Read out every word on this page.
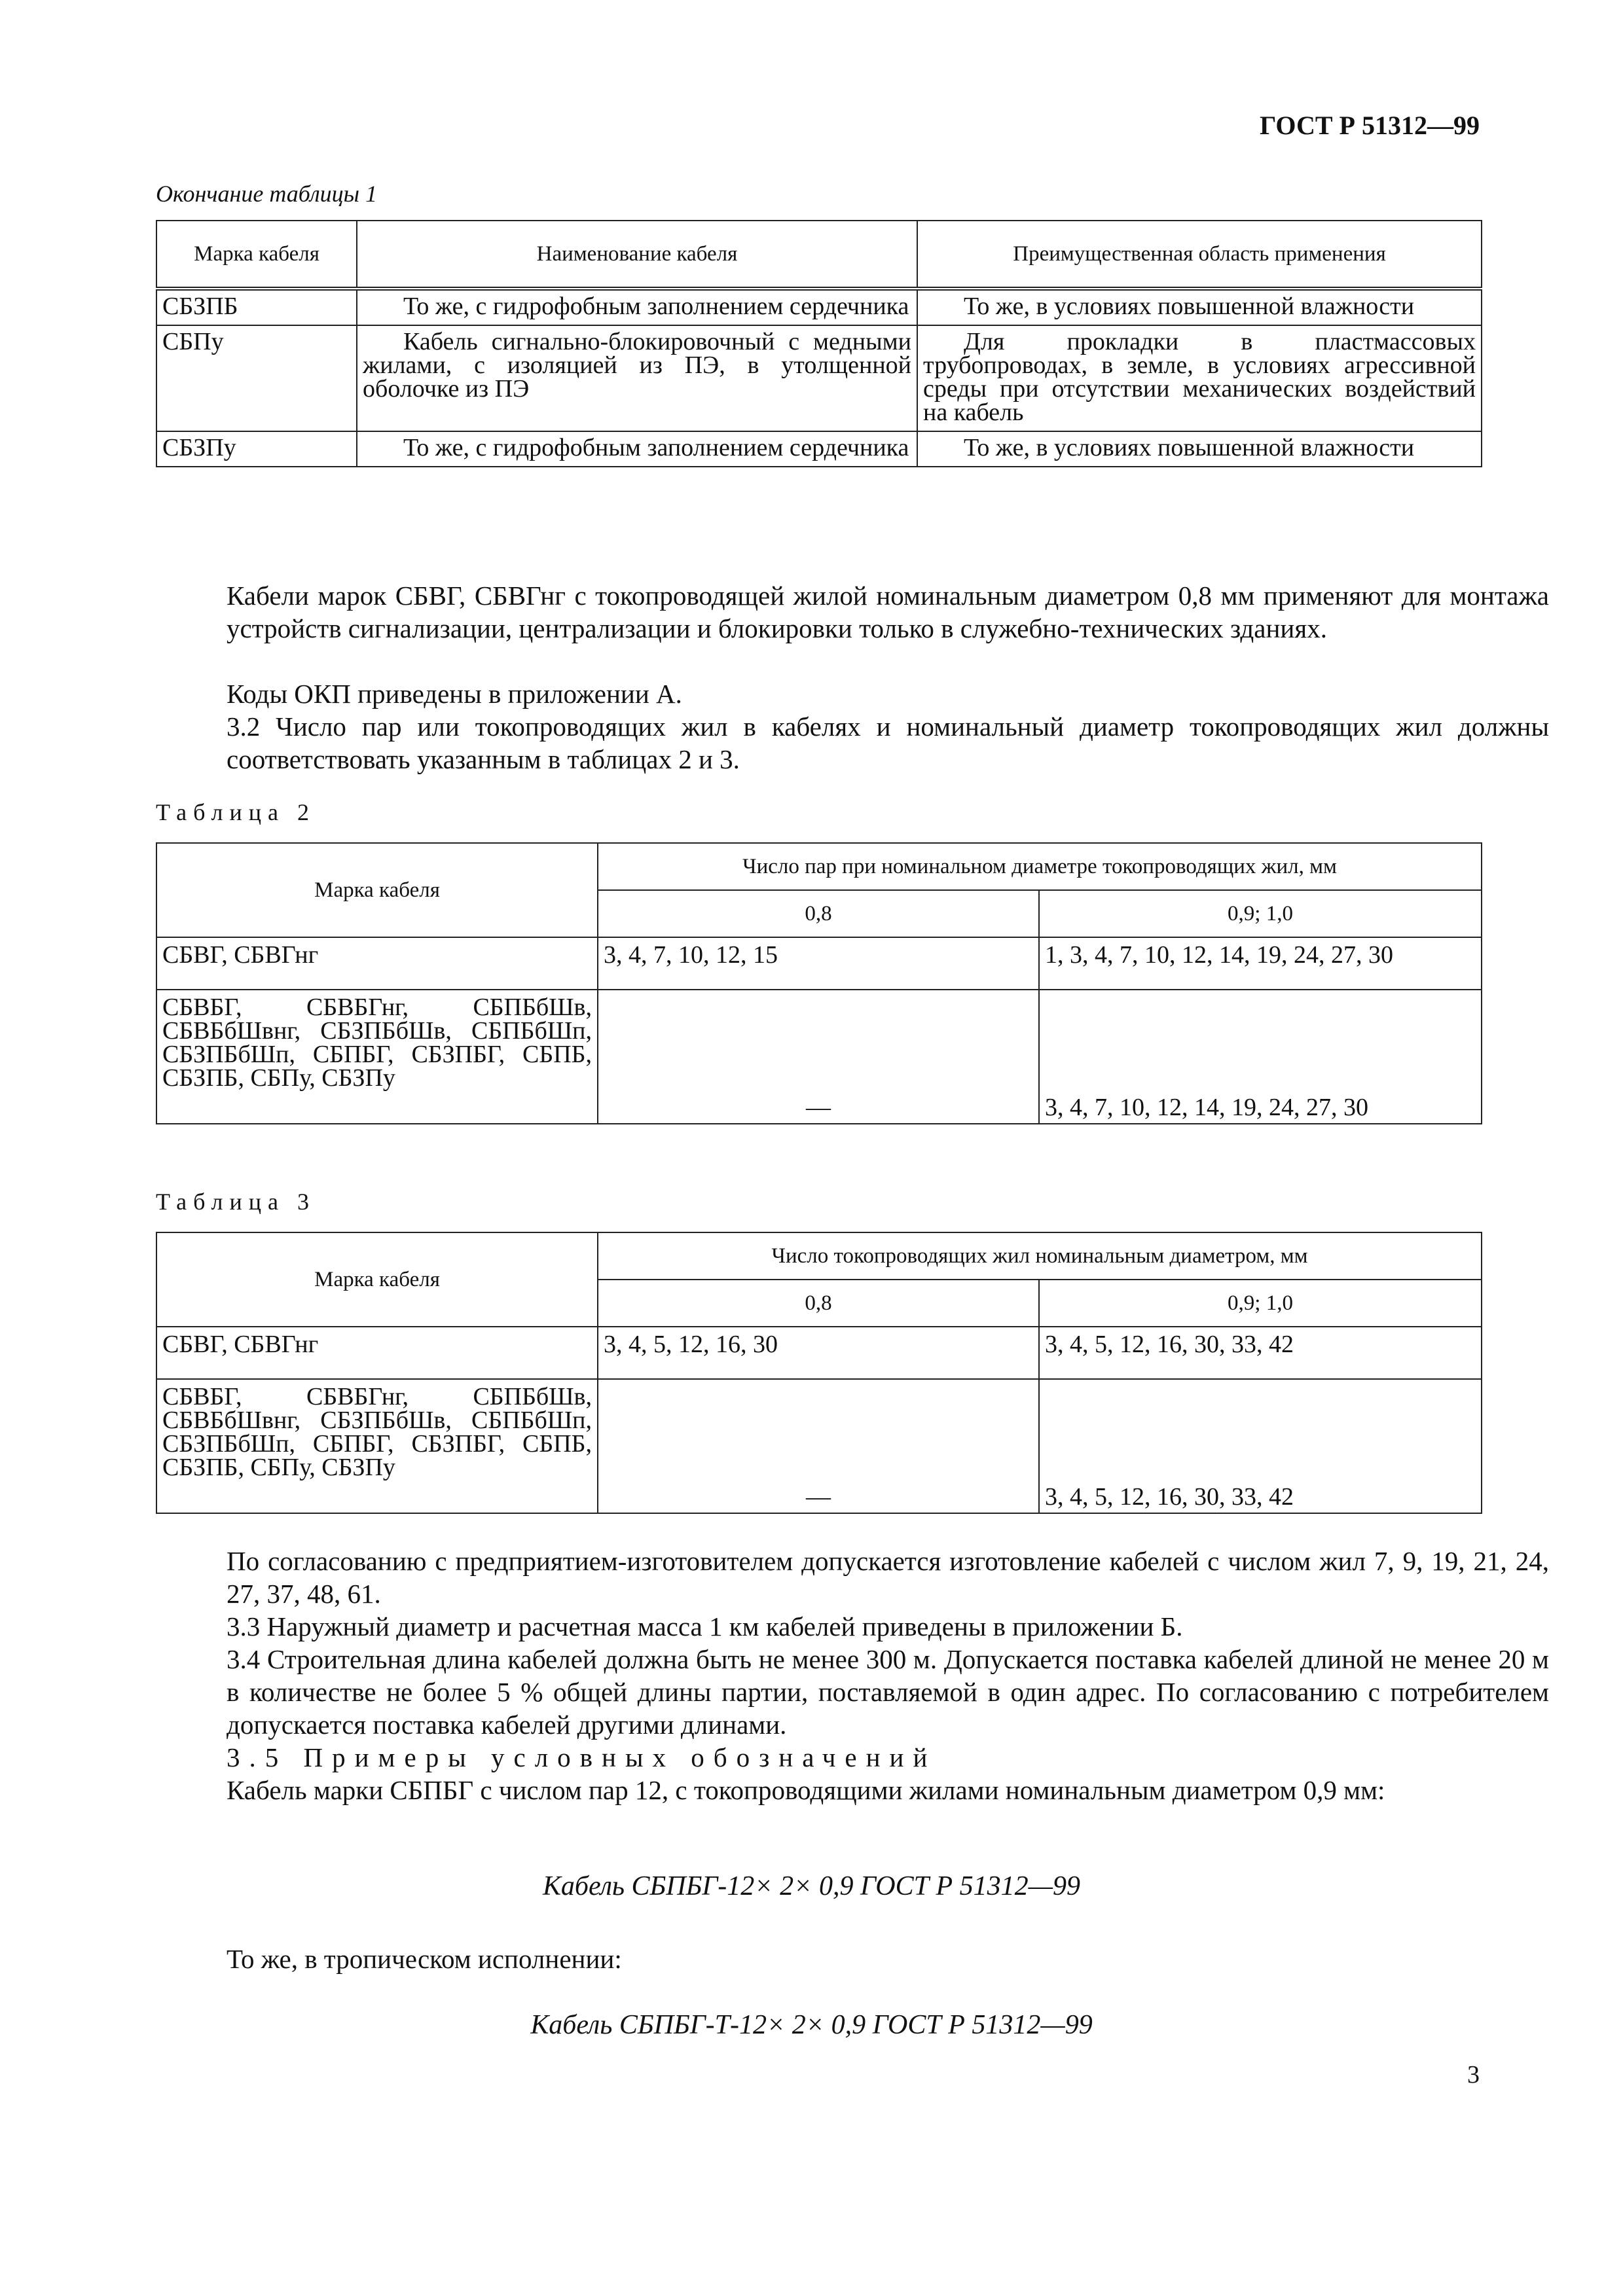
ГОСТ Р 51312—99
Окончание таблицы 1
Марка кабеля	Наименование кабеля	Преимущественная область применения
СБЗПБ	То же, с гидрофобным заполнением сердечника	То же, в условиях повышенной влажности
СБПу	Кабель сигнально-блокировочный с медными жилами, с изоляцией из ПЭ, в утолщенной оболочке из ПЭ	Для прокладки в пластмассовых трубопроводах, в земле, в условиях агрессивной среды при отсутствии механических воздействий на кабель
СБЗПу	То же, с гидрофобным заполнением сердечника	То же, в условиях повышенной влажности
Кабели марок СБВГ, СБВГнг с токопроводящей жилой номинальным диаметром 0,8 мм применяют для монтажа устройств сигнализации, централизации и блокировки только в служебно-технических зданиях.
Коды ОКП приведены в приложении А.
3.2 Число пар или токопроводящих жил в кабелях и номинальный диаметр токопроводящих жил должны соответствовать указанным в таблицах 2 и 3.
Таблица 2
Марка кабеля	Число пар при номинальном диаметре токопроводящих жил, мм	
	0,8	0,9; 1,0
СБВГ, СБВГнг	3, 4, 7, 10, 12, 15	1, 3, 4, 7, 10, 12, 14, 19, 24, 27, 30
СБВБГ, СБВБГнг, СБПБбШв, СБВБбШвнг, СБЗПБбШв, СБПБбШп, СБЗПБбШп, СБПБГ, СБЗПБГ, СБПБ, СБЗПБ, СБПу, СБЗПу	—	3, 4, 7, 10, 12, 14, 19, 24, 27, 30
Таблица 3
Марка кабеля	Число токопроводящих жил номинальным диаметром, мм	
	0,8	0,9; 1,0
СБВГ, СБВГнг	3, 4, 5, 12, 16, 30	3, 4, 5, 12, 16, 30, 33, 42
СБВБГ, СБВБГнг, СБПБбШв, СБВБбШвнг, СБЗПБбШв, СБПБбШп, СБЗПБбШп, СБПБГ, СБЗПБГ, СБПБ, СБЗПБ, СБПу, СБЗПу	—	3, 4, 5, 12, 16, 30, 33, 42
По согласованию с предприятием-изготовителем допускается изготовление кабелей с числом жил 7, 9, 19, 21, 24, 27, 37, 48, 61.
3.3 Наружный диаметр и расчетная масса 1 км кабелей приведены в приложении Б.
3.4 Строительная длина кабелей должна быть не менее 300 м. Допускается поставка кабелей длиной не менее 20 м в количестве не более 5 % общей длины партии, поставляемой в один адрес. По согласованию с потребителем допускается поставка кабелей другими длинами.
3.5 Примеры условных обозначений
Кабель марки СБПБГ с числом пар 12, с токопроводящими жилами номинальным диаметром 0,9 мм:
Кабель СБПБГ-12× 2× 0,9 ГОСТ Р 51312—99
То же, в тропическом исполнении:
Кабель СБПБГ-Т-12× 2× 0,9 ГОСТ Р 51312—99
3
